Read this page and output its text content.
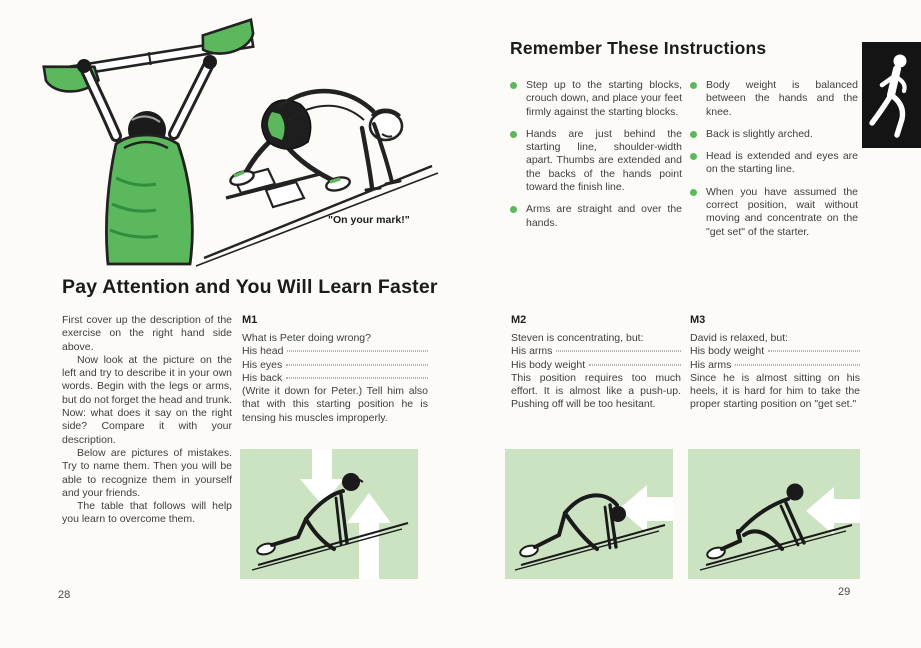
"On your mark!"
Pay Attention and You Will Learn Faster

First cover up the description of the exercise on the right hand side above.

Now look at the picture on the left and try to describe it in your own words. Begin with the legs or arms, but do not forget the head and trunk. Now: what does it say on the right side? Compare it with your description.

Below are pictures of mistakes. Try to name them. Then you will be able to recognize them in yourself and your friends.

The table that follows will help you learn to overcome them.

M1
What is Peter doing wrong?
His head
His eyes
His back
(Write it down for Peter.) Tell him also that with this starting position he is tensing his muscles improperly.
Remember These Instructions
Step up to the starting blocks, crouch down, and place your feet firmly against the starting blocks.
Hands are just behind the starting line, shoulder-width apart. Thumbs are extended and the backs of the hands point toward the finish line.
Arms are straight and over the hands.
Body weight is balanced between the hands and the knee.
Back is slightly arched.
Head is extended and eyes are on the starting line.
When you have assumed the correct position, wait without moving and concentrate on the "get set" of the starter.
M2
Steven is concentrating, but:
His arms
His body weight
This position requires too much effort. It is almost like a push-up. Pushing off will be too hesitant.
M3
David is relaxed, but:
His body weight
His arms
Since he is almost sitting on his heels, it is hard for him to take the proper starting position on "get set."
28	29
